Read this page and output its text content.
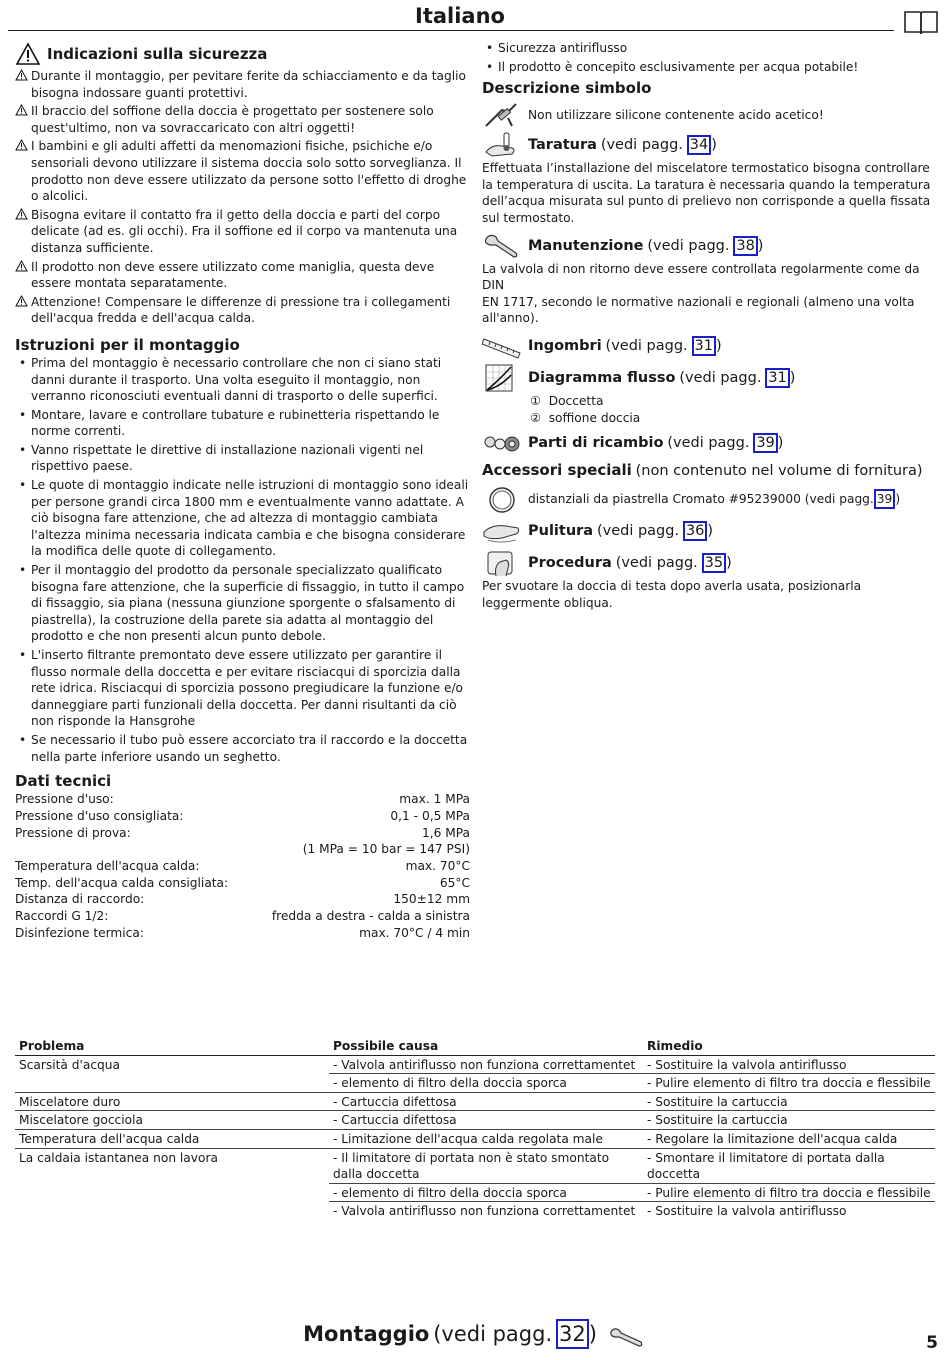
Italiano
Indicazioni sulla sicurezza
Durante il montaggio, per pevitare ferite da schiacciamento e da taglio bisogna indossare guanti protettivi.
Il braccio del soffione della doccia è progettato per sostenere solo quest'ultimo, non va sovraccaricato con altri oggetti!
I bambini e gli adulti affetti da menomazioni fisiche, psichiche e/o sensoriali devono utilizzare il sistema doccia solo sotto sorveglianza. Il prodotto non deve essere utilizzato da persone sotto l'effetto di droghe o alcolici.
Bisogna evitare il contatto fra il getto della doccia e parti del corpo delicate (ad es. gli occhi). Fra il soffione ed il corpo va mantenuta una distanza sufficiente.
Il prodotto non deve essere utilizzato come maniglia, questa deve essere montata separatamente.
Attenzione! Compensare le differenze di pressione tra i collegamenti dell'acqua fredda e dell'acqua calda.
Istruzioni per il montaggio
• Prima del montaggio è necessario controllare che non ci siano stati danni durante il trasporto. Una volta eseguito il montaggio, non verranno riconosciuti eventuali danni di trasporto o delle superfici.
• Montare, lavare e controllare tubature e rubinetteria rispettando le norme correnti.
• Vanno rispettate le direttive di installazione nazionali vigenti nel rispettivo paese.
• Le quote di montaggio indicate nelle istruzioni di montaggio sono ideali per persone grandi circa 1800 mm e eventualmente vanno adattate. A ciò bisogna fare attenzione, che ad altezza di montaggio cambiata l'altezza minima necessaria indicata cambia e che bisogna considerare la modifica delle quote di collegamento.
• Per il montaggio del prodotto da personale specializzato qualificato bisogna fare attenzione, che la superficie di fissaggio, in tutto il campo di fissaggio, sia piana (nessuna giunzione sporgente o sfalsamento di piastrella), la costruzione della parete sia adatta al montaggio del prodotto e che non presenti alcun punto debole.
• L'inserto filtrante premontato deve essere utilizzato per garantire il flusso normale della doccetta e per evitare risciacqui di sporcizia dalla rete idrica. Risciacqui di sporcizia possono pregiudicare la funzione e/o danneggiare parti funzionali della doccetta. Per danni risultanti da ciò non risponde la Hansgrohe
• Se necessario il tubo può essere accorciato tra il raccordo e la doccetta nella parte inferiore usando un seghetto.
Dati tecnici
Pressione d'uso:	max. 1 MPa
Pressione d'uso consigliata:	0,1 - 0,5 MPa
Pressione di prova:	1,6 MPa
(1 MPa = 10 bar = 147 PSI)
Temperatura dell'acqua calda:	max. 70°C
Temp. dell'acqua calda consigliata:	65°C
Distanza di raccordo:	150±12 mm
Raccordi G 1/2:	fredda a destra - calda a sinistra
Disinfezione termica:	max. 70°C / 4 min
• Sicurezza antiriflusso
• Il prodotto è concepito esclusivamente per acqua potabile!
Descrizione simbolo
Non utilizzare silicone contenente acido acetico!
Taratura (vedi pagg. 34 )
Effettuata l’installazione del miscelatore termostatico bisogna controllare la temperatura di uscita. La taratura è necessaria quando la temperatura dell’acqua misurata sul punto di prelievo non corrisponde a quella fissata sul termostato.
Manutenzione (vedi pagg. 38 )
La valvola di non ritorno deve essere controllata regolarmente come da DIN
EN 1717, secondo le normative nazionali e regionali (almeno una volta all'anno).
Ingombri (vedi pagg. 31 )
Diagramma flusso (vedi pagg. 31 )
① Doccetta
② soffione doccia
Parti di ricambio (vedi pagg. 39 )
Accessori speciali (non contenuto nel volume di fornitura)
distanziali da piastrella Cromato #95239000 (vedi pagg. 39 )
Pulitura (vedi pagg. 36 )
Procedura (vedi pagg. 35 )
Per svuotare la doccia di testa dopo averla usata, posizionarla leggermente obliqua.
Problema	Possibile causa	Rimedio
Scarsità d'acqua	- Valvola antiriflusso non funziona correttamentet	- Sostituire la valvola antiriflusso
	- elemento di filtro della doccia sporca	- Pulire elemento di filtro tra doccia e flessibile
Miscelatore duro	- Cartuccia difettosa	- Sostituire la cartuccia
Miscelatore gocciola	- Cartuccia difettosa	- Sostituire la cartuccia
Temperatura dell'acqua calda	- Limitazione dell'acqua calda regolata male	- Regolare la limitazione dell'acqua calda
La caldaia istantanea non lavora	- Il limitatore di portata non è stato smontato dalla doccetta	- Smontare il limitatore di portata dalla doccetta
	- elemento di filtro della doccia sporca	- Pulire elemento di filtro tra doccia e flessibile
	- Valvola antiriflusso non funziona correttamentet	- Sostituire la valvola antiriflusso
Montaggio (vedi pagg. 32 )	5
